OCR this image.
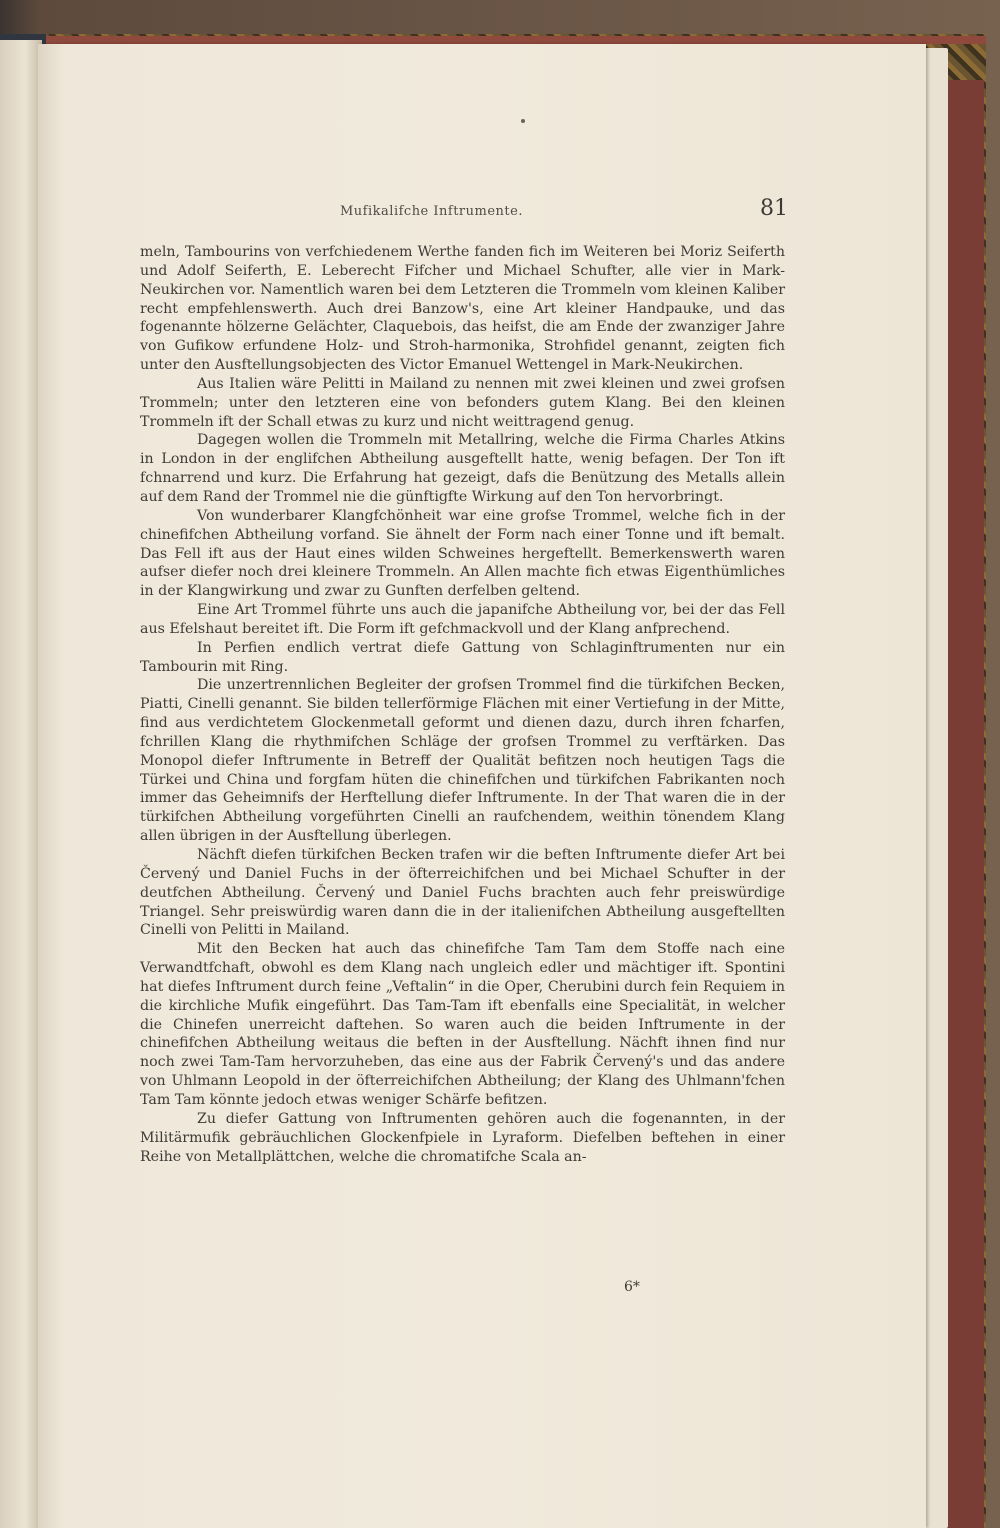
Mufikalifche Inftrumente.	81

meln, Tambourins von verfchiedenem Werthe fanden fich im Weiteren bei Moriz Seiferth und Adolf Seiferth, E. Leberecht Fifcher und Michael Schufter, alle vier in Mark-Neukirchen vor. Namentlich waren bei dem Letzteren die Trommeln vom kleinen Kaliber recht empfehlenswerth. Auch drei Banzow's, eine Art kleiner Handpauke, und das fogenannte hölzerne Gelächter, Claquebois, das heifst, die am Ende der zwanziger Jahre von Gufikow erfundene Holz- und Stroh-harmonika, Strohfidel genannt, zeigten fich unter den Ausftellungsobjecten des Victor Emanuel Wettengel in Mark-Neukirchen.

Aus Italien wäre Pelitti in Mailand zu nennen mit zwei kleinen und zwei grofsen Trommeln; unter den letzteren eine von befonders gutem Klang. Bei den kleinen Trommeln ift der Schall etwas zu kurz und nicht weittragend genug.

Dagegen wollen die Trommeln mit Metallring, welche die Firma Charles Atkins in London in der englifchen Abtheilung ausgeftellt hatte, wenig befagen. Der Ton ift fchnarrend und kurz. Die Erfahrung hat gezeigt, dafs die Benützung des Metalls allein auf dem Rand der Trommel nie die günftigfte Wirkung auf den Ton hervorbringt.

Von wunderbarer Klangfchönheit war eine grofse Trommel, welche fich in der chinefifchen Abtheilung vorfand. Sie ähnelt der Form nach einer Tonne und ift bemalt. Das Fell ift aus der Haut eines wilden Schweines hergeftellt. Bemerkenswerth waren aufser diefer noch drei kleinere Trommeln. An Allen machte fich etwas Eigenthümliches in der Klangwirkung und zwar zu Gunften derfelben geltend.

Eine Art Trommel führte uns auch die japanifche Abtheilung vor, bei der das Fell aus Efelshaut bereitet ift. Die Form ift gefchmackvoll und der Klang anfprechend.

In Perfien endlich vertrat diefe Gattung von Schlaginftrumenten nur ein Tambourin mit Ring.

Die unzertrennlichen Begleiter der grofsen Trommel find die türkifchen Becken, Piatti, Cinelli genannt. Sie bilden tellerförmige Flächen mit einer Vertiefung in der Mitte, find aus verdichtetem Glockenmetall geformt und dienen dazu, durch ihren fcharfen, fchrillen Klang die rhythmifchen Schläge der grofsen Trommel zu verftärken. Das Monopol diefer Inftrumente in Betreff der Qualität befitzen noch heutigen Tags die Türkei und China und forgfam hüten die chinefifchen und türkifchen Fabrikanten noch immer das Geheimnifs der Herftellung diefer Inftrumente. In der That waren die in der türkifchen Abtheilung vorgeführten Cinelli an raufchendem, weithin tönendem Klang allen übrigen in der Ausftellung überlegen.

Nächft diefen türkifchen Becken trafen wir die beften Inftrumente diefer Art bei Červený und Daniel Fuchs in der öfterreichifchen und bei Michael Schufter in der deutfchen Abtheilung. Červený und Daniel Fuchs brachten auch fehr preiswürdige Triangel. Sehr preiswürdig waren dann die in der italienifchen Abtheilung ausgeftellten Cinelli von Pelitti in Mailand.

Mit den Becken hat auch das chinefifche Tam Tam dem Stoffe nach eine Verwandtfchaft, obwohl es dem Klang nach ungleich edler und mächtiger ift. Spontini hat diefes Inftrument durch feine „Veftalin“ in die Oper, Cherubini durch fein Requiem in die kirchliche Mufik eingeführt. Das Tam-Tam ift ebenfalls eine Specialität, in welcher die Chinefen unerreicht daftehen. So waren auch die beiden Inftrumente in der chinefifchen Abtheilung weitaus die beften in der Ausftellung. Nächft ihnen find nur noch zwei Tam-Tam hervorzuheben, das eine aus der Fabrik Červený's und das andere von Uhlmann Leopold in der öfterreichifchen Abtheilung; der Klang des Uhlmann'fchen Tam Tam könnte jedoch etwas weniger Schärfe befitzen.

Zu diefer Gattung von Inftrumenten gehören auch die fogenannten, in der Militärmufik gebräuchlichen Glockenfpiele in Lyraform. Diefelben beftehen in einer Reihe von Metallplättchen, welche die chromatifche Scala an-

6*
